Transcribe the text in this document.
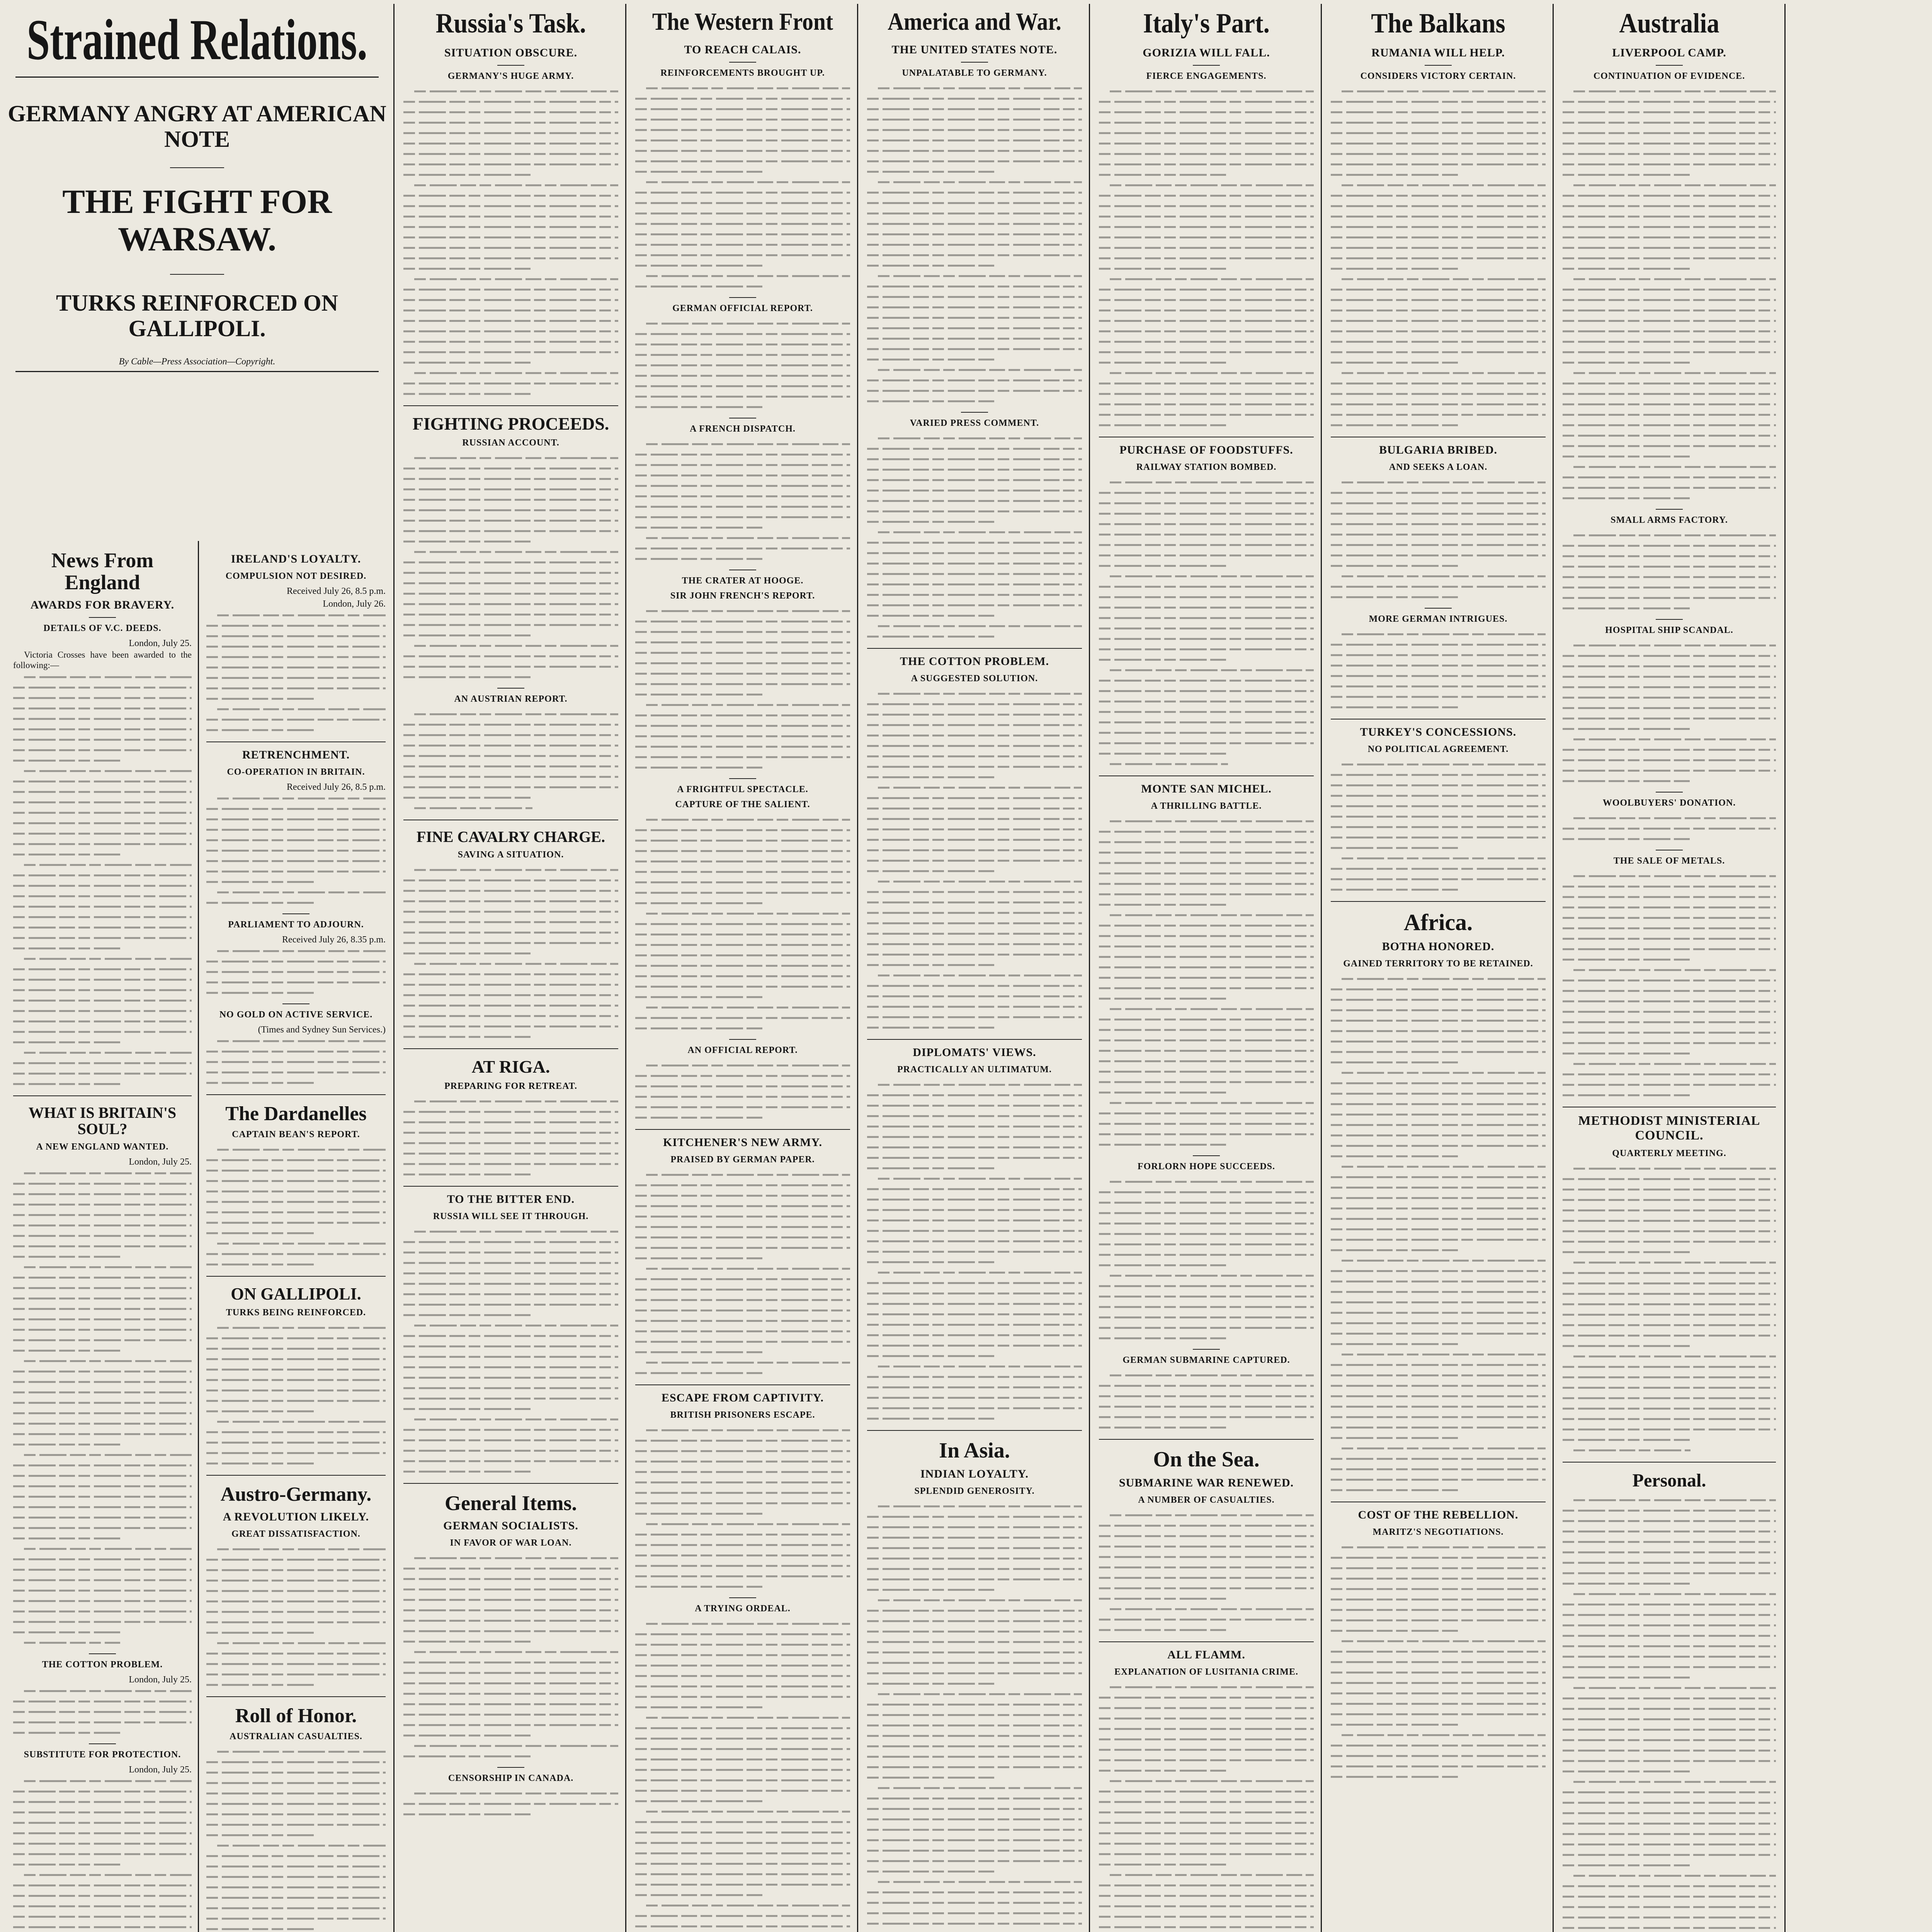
Strained Relations.
GERMANY ANGRY AT AMERICAN NOTE
THE FIGHT FOR WARSAW.
TURKS REINFORCED ON GALLIPOLI.
By Cable—Press Association—Copyright.
News From England
AWARDS FOR BRAVERY.
DETAILS OF V.C. DEEDS.
London, July 25.
Victoria Crosses have been awarded to the following:—
WHAT IS BRITAIN'S SOUL?
A NEW ENGLAND WANTED.
London, July 25.
THE COTTON PROBLEM.
London, July 25.
SUBSTITUTE FOR PROTECTION.
London, July 25.
IRELAND'S LOYALTY.
COMPULSION NOT DESIRED.
Received July 26, 8.5 p.m.
London, July 26.
RETRENCHMENT.
CO-OPERATION IN BRITAIN.
Received July 26, 8.5 p.m.
PARLIAMENT TO ADJOURN.
Received July 26, 8.35 p.m.
NO GOLD ON ACTIVE SERVICE.
(Times and Sydney Sun Services.)
The Dardanelles
CAPTAIN BEAN'S REPORT.
ON GALLIPOLI.
TURKS BEING REINFORCED.
Austro-Germany.
A REVOLUTION LIKELY.
GREAT DISSATISFACTION.
Roll of Honor.
AUSTRALIAN CASUALTIES.
Russia's Task.
SITUATION OBSCURE.
GERMANY'S HUGE ARMY.
FIGHTING PROCEEDS.
RUSSIAN ACCOUNT.
AN AUSTRIAN REPORT.
FINE CAVALRY CHARGE.
SAVING A SITUATION.
AT RIGA.
PREPARING FOR RETREAT.
TO THE BITTER END.
RUSSIA WILL SEE IT THROUGH.
General Items.
GERMAN SOCIALISTS.
IN FAVOR OF WAR LOAN.
CENSORSHIP IN CANADA.
The Western Front
TO REACH CALAIS.
REINFORCEMENTS BROUGHT UP.
GERMAN OFFICIAL REPORT.
A FRENCH DISPATCH.
THE CRATER AT HOOGE.
SIR JOHN FRENCH'S REPORT.
A FRIGHTFUL SPECTACLE.
CAPTURE OF THE SALIENT.
AN OFFICIAL REPORT.
KITCHENER'S NEW ARMY.
PRAISED BY GERMAN PAPER.
ESCAPE FROM CAPTIVITY.
BRITISH PRISONERS ESCAPE.
A TRYING ORDEAL.
America and War.
THE UNITED STATES NOTE.
UNPALATABLE TO GERMANY.
VARIED PRESS COMMENT.
THE COTTON PROBLEM.
A SUGGESTED SOLUTION.
DIPLOMATS' VIEWS.
PRACTICALLY AN ULTIMATUM.
In Asia.
INDIAN LOYALTY.
SPLENDID GENEROSITY.
Italy's Part.
GORIZIA WILL FALL.
FIERCE ENGAGEMENTS.
PURCHASE OF FOODSTUFFS.
RAILWAY STATION BOMBED.
MONTE SAN MICHEL.
A THRILLING BATTLE.
FORLORN HOPE SUCCEEDS.
GERMAN SUBMARINE CAPTURED.
On the Sea.
SUBMARINE WAR RENEWED.
A NUMBER OF CASUALTIES.
ALL FLAMM.
EXPLANATION OF LUSITANIA CRIME.
The Balkans
RUMANIA WILL HELP.
CONSIDERS VICTORY CERTAIN.
BULGARIA BRIBED.
AND SEEKS A LOAN.
MORE GERMAN INTRIGUES.
TURKEY'S CONCESSIONS.
NO POLITICAL AGREEMENT.
Africa.
BOTHA HONORED.
GAINED TERRITORY TO BE RETAINED.
COST OF THE REBELLION.
MARITZ'S NEGOTIATIONS.
Australia
LIVERPOOL CAMP.
CONTINUATION OF EVIDENCE.
SMALL ARMS FACTORY.
HOSPITAL SHIP SCANDAL.
WOOLBUYERS' DONATION.
THE SALE OF METALS.
METHODIST MINISTERIAL COUNCIL.
QUARTERLY MEETING.
Personal.
